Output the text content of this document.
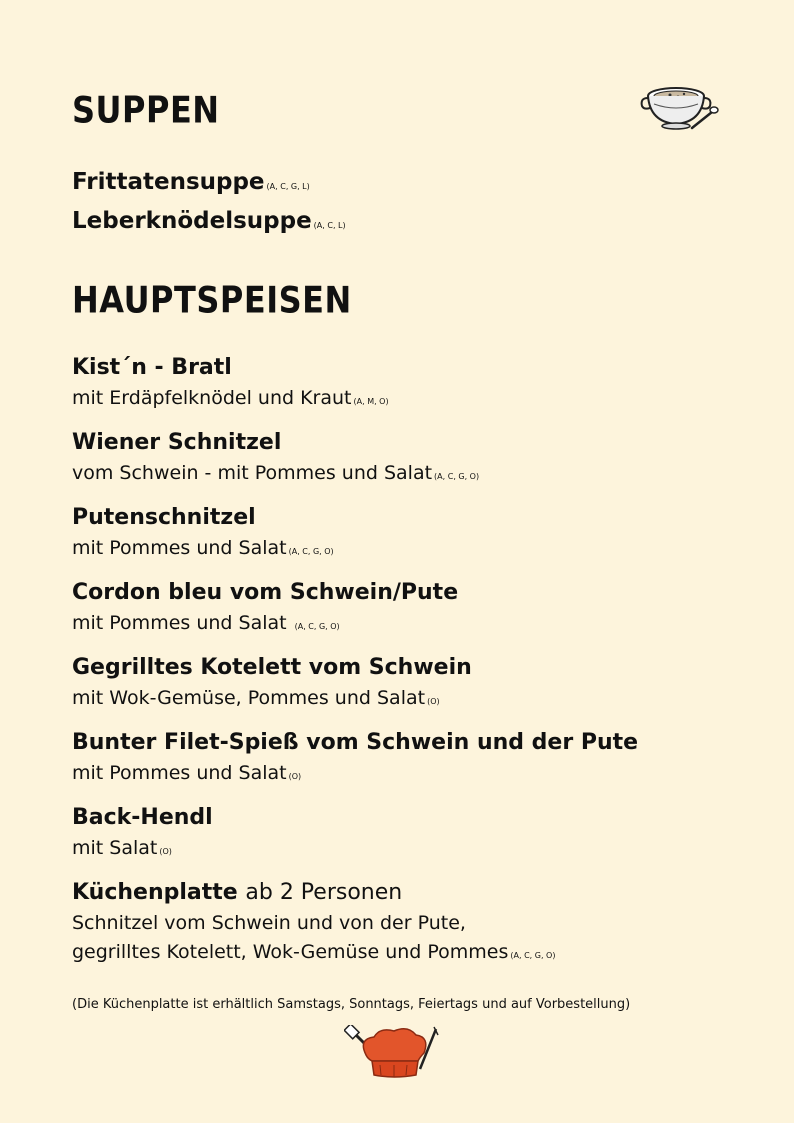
SUPPEN
Frittatensuppe (A, C, G, L)
Leberknödelsuppe (A, C, L)
HAUPTSPEISEN
Kist´n - Bratl
mit Erdäpfelknödel und Kraut (A, M, O)
Wiener Schnitzel
vom Schwein - mit Pommes und Salat (A, C, G, O)
Putenschnitzel
mit Pommes und Salat (A, C, G, O)
Cordon bleu vom Schwein/Pute
mit Pommes und Salat (A, C, G, O)
Gegrilltes Kotelett vom Schwein
mit Wok-Gemüse, Pommes und Salat (O)
Bunter Filet-Spieß vom Schwein und der Pute
mit Pommes und Salat (O)
Back-Hendl
mit Salat (O)
Küchenplatte ab 2 Personen
Schnitzel vom Schwein und von der Pute,
gegrilltes Kotelett, Wok-Gemüse und Pommes (A, C, G, O)
(Die Küchenplatte ist erhältlich Samstags, Sonntags, Feiertags und auf Vorbestellung)
